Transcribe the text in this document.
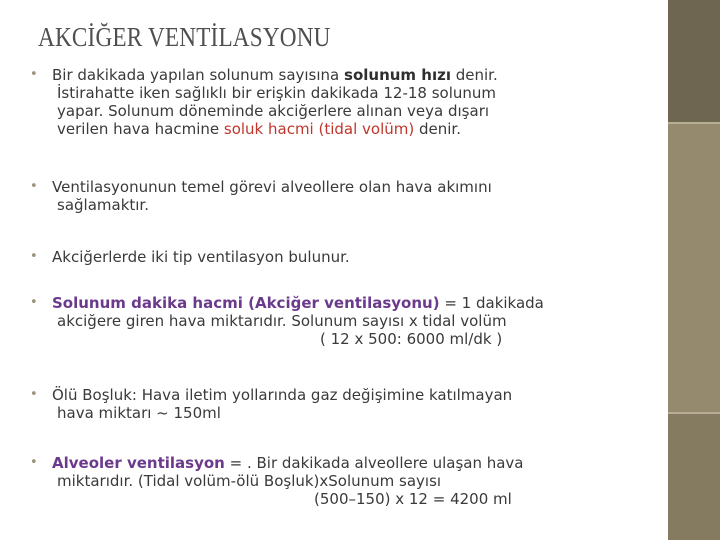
AKCİĞER VENTİLASYONU
• Bir dakikada yapılan solunum sayısına solunum hızı denir.
İstirahatte iken sağlıklı bir erişkin dakikada 12-18 solunum
yapar. Solunum döneminde akciğerlere alınan veya dışarı
verilen hava hacmine soluk hacmi (tidal volüm) denir.
• Ventilasyonunun temel görevi alveollere olan hava akımını
sağlamaktır.
• Akciğerlerde iki tip ventilasyon bulunur.
• Solunum dakika hacmi (Akciğer ventilasyonu) = 1 dakikada
akciğere giren hava miktarıdır. Solunum sayısı x tidal volüm
( 12 x 500: 6000 ml/dk )
• Ölü Boşluk: Hava iletim yollarında gaz değişimine katılmayan
hava miktarı ~ 150ml
• Alveoler ventilasyon = . Bir dakikada alveollere ulaşan hava
miktarıdır. (Tidal volüm-ölü Boşluk)xSolunum sayısı
(500–150) x 12 = 4200 ml
